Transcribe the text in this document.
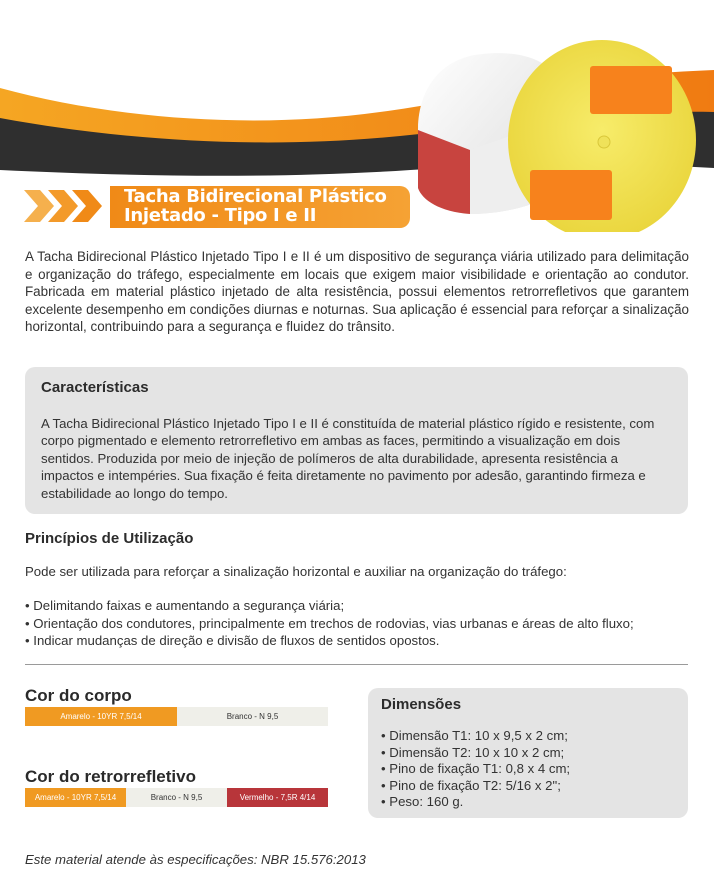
Tacha Bidirecional Plástico
Injetado - Tipo I e II

A Tacha Bidirecional Plástico Injetado Tipo I e II é um dispositivo de segurança viária utilizado para delimitação e organização do tráfego, especialmente em locais que exigem maior visibilidade e orientação ao condutor. Fabricada em material plástico injetado de alta resistência, possui elementos retrorrefletivos que garantem excelente desempenho em condições diurnas e noturnas. Sua aplicação é essencial para reforçar a sinalização horizontal, contribuindo para a segurança e fluidez do trânsito.

Características

A Tacha Bidirecional Plástico Injetado Tipo I e II é constituída de material plástico rígido e resistente, com corpo pigmentado e elemento retrorrefletivo em ambas as faces, permitindo a visualização em dois sentidos. Produzida por meio de injeção de polímeros de alta durabilidade, apresenta resistência a impactos e intempéries. Sua fixação é feita diretamente no pavimento por adesão, garantindo firmeza e estabilidade ao longo do tempo.

Princípios de Utilização

Pode ser utilizada para reforçar a sinalização horizontal e auxiliar na organização do tráfego:

• Delimitando faixas e aumentando a segurança viária;
• Orientação dos condutores, principalmente em trechos de rodovias, vias urbanas e áreas de alto fluxo;
• Indicar mudanças de direção e divisão de fluxos de sentidos opostos.
Cor do corpo
Amarelo - 10YR 7,5/14	Branco - N 9,5
Cor do retrorrefletivo
Amarelo - 10YR 7,5/14	Branco - N 9,5	Vermelho - 7,5R 4/14
Dimensões
• Dimensão T1: 10 x 9,5 x 2 cm;
• Dimensão T2: 10 x 10 x 2 cm;
• Pino de fixação T1: 0,8 x 4 cm;
• Pino de fixação T2: 5/16 x 2";
• Peso: 160 g.

Este material atende às especificações: NBR 15.576:2013
